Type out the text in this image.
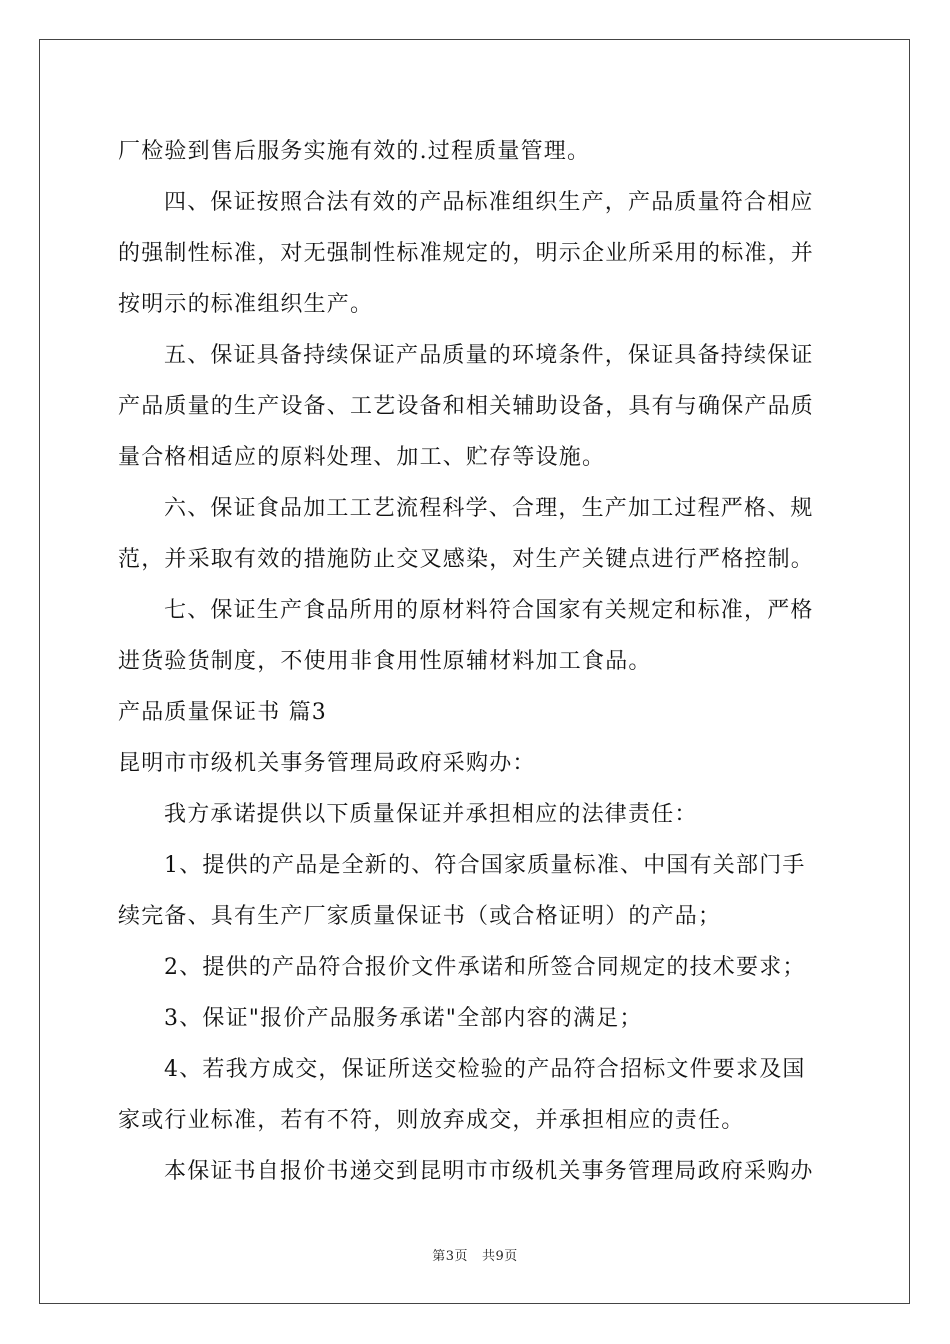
厂检验到售后服务实施有效的.过程质量管理。
四、保证按照合法有效的产品标准组织生产，产品质量符合相应
的强制性标准，对无强制性标准规定的，明示企业所采用的标准，并
按明示的标准组织生产。
五、保证具备持续保证产品质量的环境条件，保证具备持续保证
产品质量的生产设备、工艺设备和相关辅助设备，具有与确保产品质
量合格相适应的原料处理、加工、贮存等设施。
六、保证食品加工工艺流程科学、合理，生产加工过程严格、规
范，并采取有效的措施防止交叉感染，对生产关键点进行严格控制。
七、保证生产食品所用的原材料符合国家有关规定和标准，严格
进货验货制度，不使用非食用性原辅材料加工食品。
产品质量保证书 篇3
昆明市市级机关事务管理局政府采购办：
我方承诺提供以下质量保证并承担相应的法律责任：
1、提供的产品是全新的、符合国家质量标准、中国有关部门手
续完备、具有生产厂家质量保证书（或合格证明）的产品；
2、提供的产品符合报价文件承诺和所签合同规定的技术要求；
3、保证"报价产品服务承诺"全部内容的满足；
4、若我方成交，保证所送交检验的产品符合招标文件要求及国
家或行业标准，若有不符，则放弃成交，并承担相应的责任。
本保证书自报价书递交到昆明市市级机关事务管理局政府采购办
第3页 共9页
